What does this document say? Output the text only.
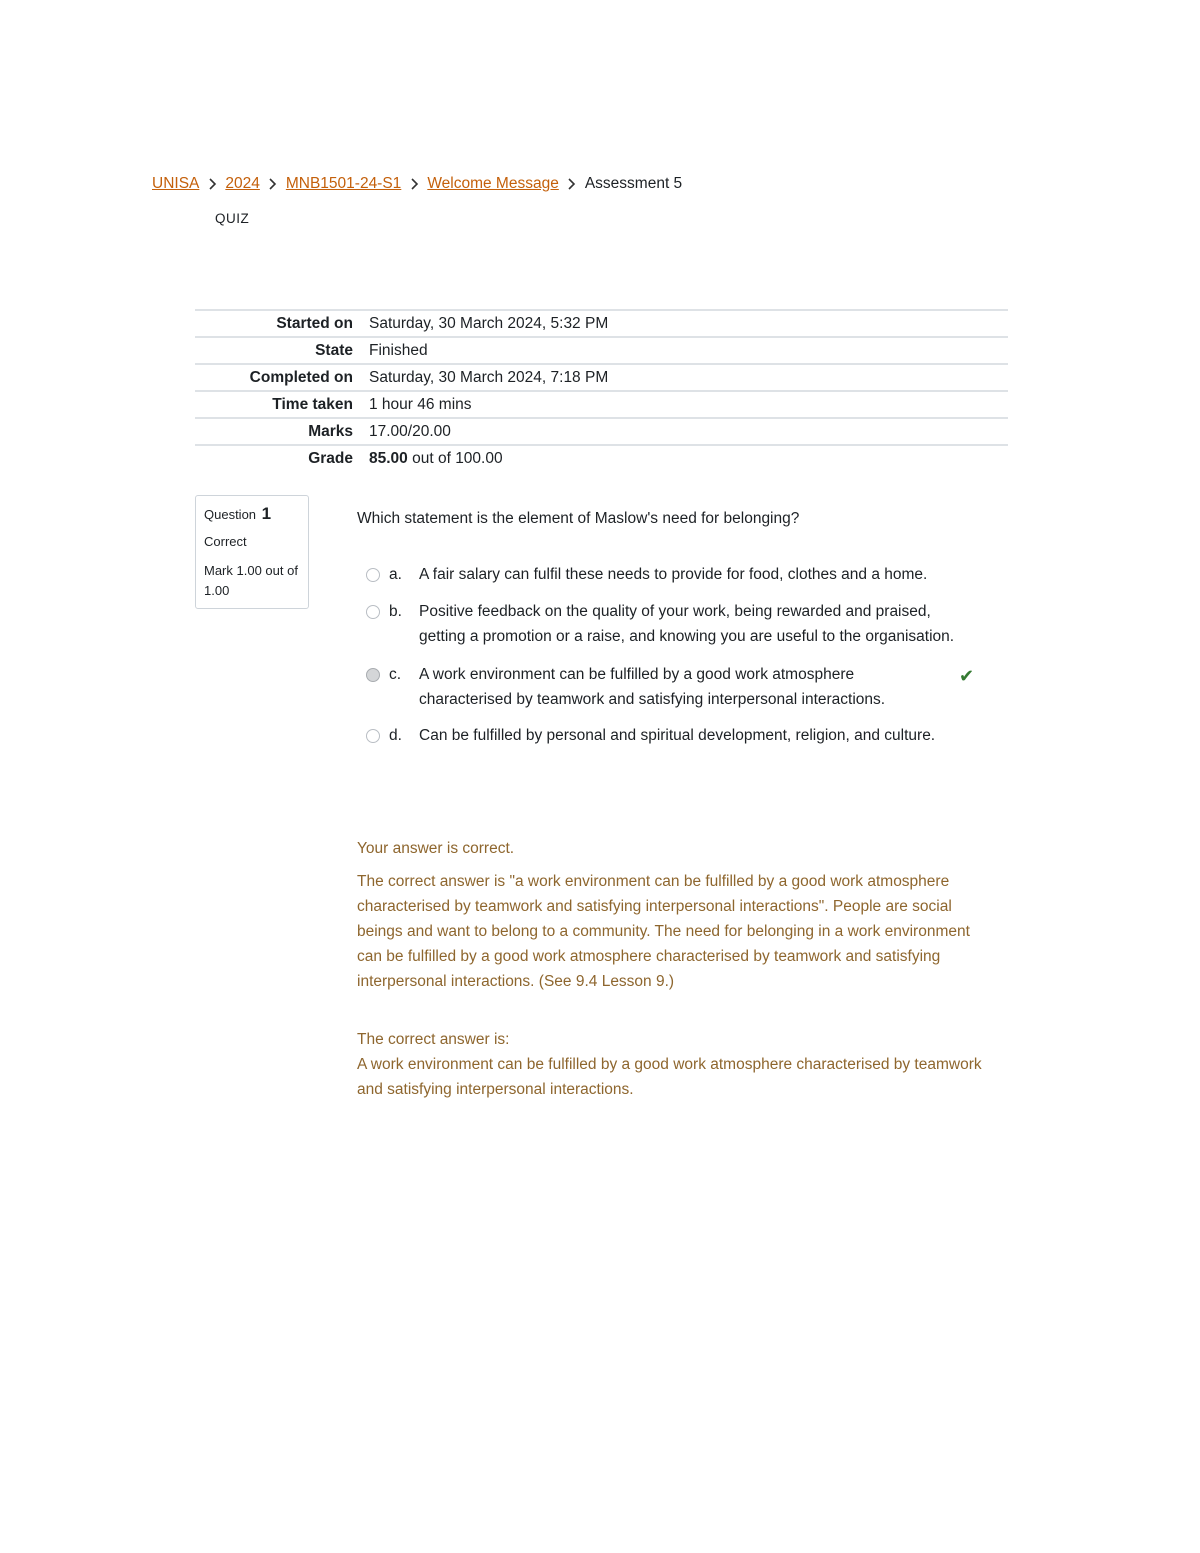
UNISA 2024 MNB1501-24-S1 Welcome Message Assessment 5
QUIZ
Started on	Saturday, 30 March 2024, 5:32 PM
State	Finished
Completed on	Saturday, 30 March 2024, 7:18 PM
Time taken	1 hour 46 mins
Marks	17.00/20.00
Grade	85.00 out of 100.00
Question 1
Correct
Mark 1.00 out of 1.00
Which statement is the element of Maslow's need for belonging?
a.	A fair salary can fulfil these needs to provide for food, clothes and a home.
b.	Positive feedback on the quality of your work, being rewarded and praised, getting a promotion or a raise, and knowing you are useful to the organisation.
c.	A work environment can be fulfilled by a good work atmosphere characterised by teamwork and satisfying interpersonal interactions.
✔
d.	Can be fulfilled by personal and spiritual development, religion, and culture.

Your answer is correct.

The correct answer is "a work environment can be fulfilled by a good work atmosphere characterised by teamwork and satisfying interpersonal interactions". People are social beings and want to belong to a community. The need for belonging in a work environment can be fulfilled by a good work atmosphere characterised by teamwork and satisfying interpersonal interactions. (See 9.4 Lesson 9.)

The correct answer is:

A work environment can be fulfilled by a good work atmosphere characterised by teamwork and satisfying interpersonal interactions.
